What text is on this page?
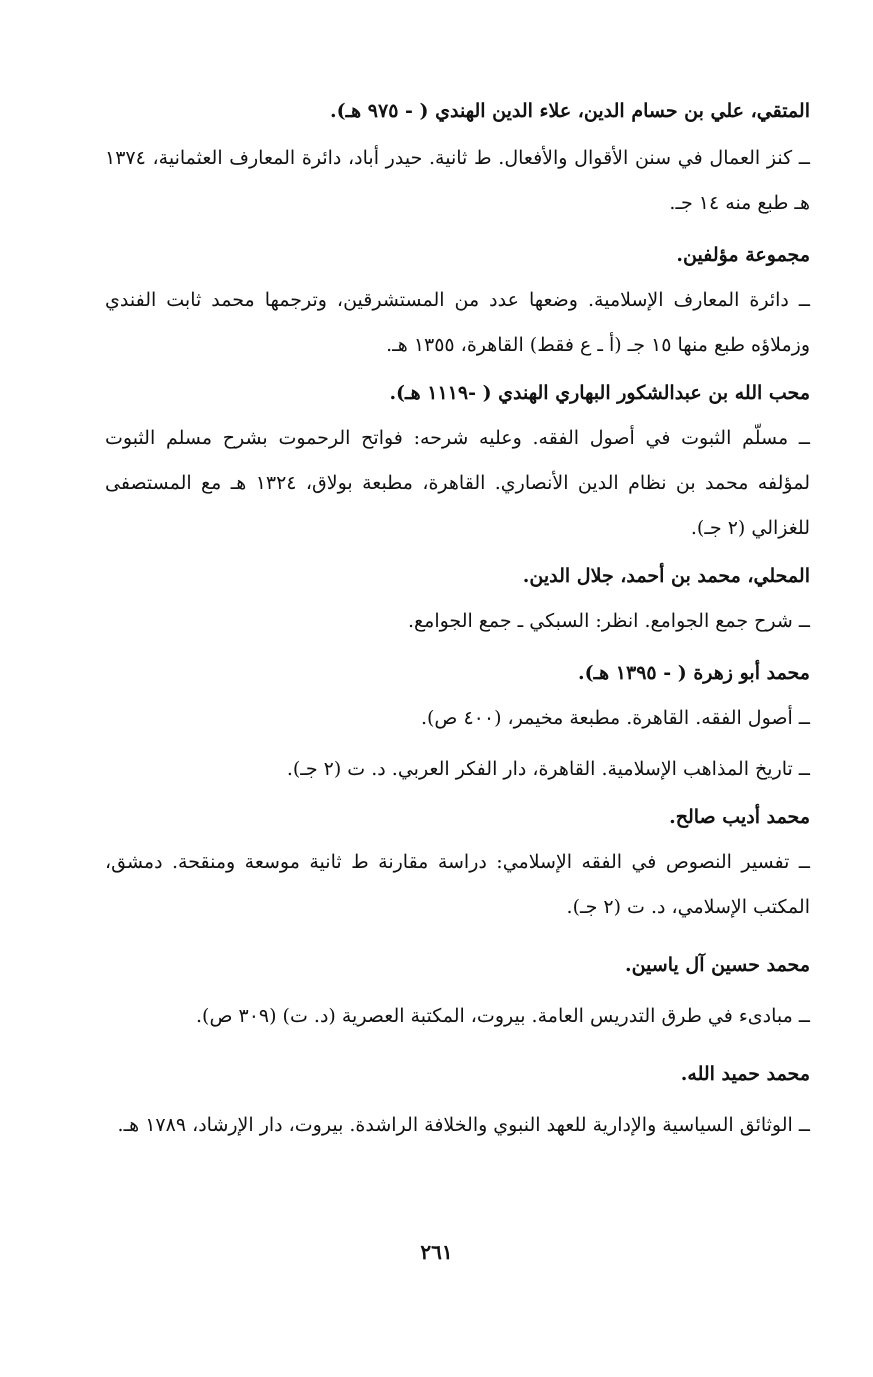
المتقي، علي بن حسام الدين، علاء الدين الهندي ( - ٩٧٥ هـ).

ــ كنز العمال في سنن الأقوال والأفعال. ط ثانية. حيدر أباد، دائرة المعارف العثمانية، ١٣٧٤ هـ طبع منه ١٤ جـ.

مجموعة مؤلفين.

ــ دائرة المعارف الإسلامية. وضعها عدد من المستشرقين، وترجمها محمد ثابت الفندي وزملاؤه طبع منها ١٥ جـ (أ ـ ع فقط) القاهرة، ١٣٥٥ هـ.

محب الله بن عبدالشكور البهاري الهندي ( -١١١٩ هـ).

ــ مسلّم الثبوت في أصول الفقه. وعليه شرحه: فواتح الرحموت بشرح مسلم الثبوت لمؤلفه محمد بن نظام الدين الأنصاري. القاهرة، مطبعة بولاق، ١٣٢٤ هـ مع المستصفى للغزالي (٢ جـ).

المحلي، محمد بن أحمد، جلال الدين.

ــ شرح جمع الجوامع. انظر: السبكي ـ جمع الجوامع.

محمد أبو زهرة ( - ١٣٩٥ هـ).

ــ أصول الفقه. القاهرة. مطبعة مخيمر، (٤٠٠ ص).

ــ تاريخ المذاهب الإسلامية. القاهرة، دار الفكر العربي. د. ت (٢ جـ).

محمد أديب صالح.

ــ تفسير النصوص في الفقه الإسلامي: دراسة مقارنة ط ثانية موسعة ومنقحة. دمشق، المكتب الإسلامي، د. ت (٢ جـ).

محمد حسين آل ياسين.

ــ مبادىء في طرق التدريس العامة. بيروت، المكتبة العصرية (د. ت) (٣٠٩ ص).

محمد حميد الله.

ــ الوثائق السياسية والإدارية للعهد النبوي والخلافة الراشدة. بيروت، دار الإرشاد، ١٧٨٩ هـ.

٢٦١
